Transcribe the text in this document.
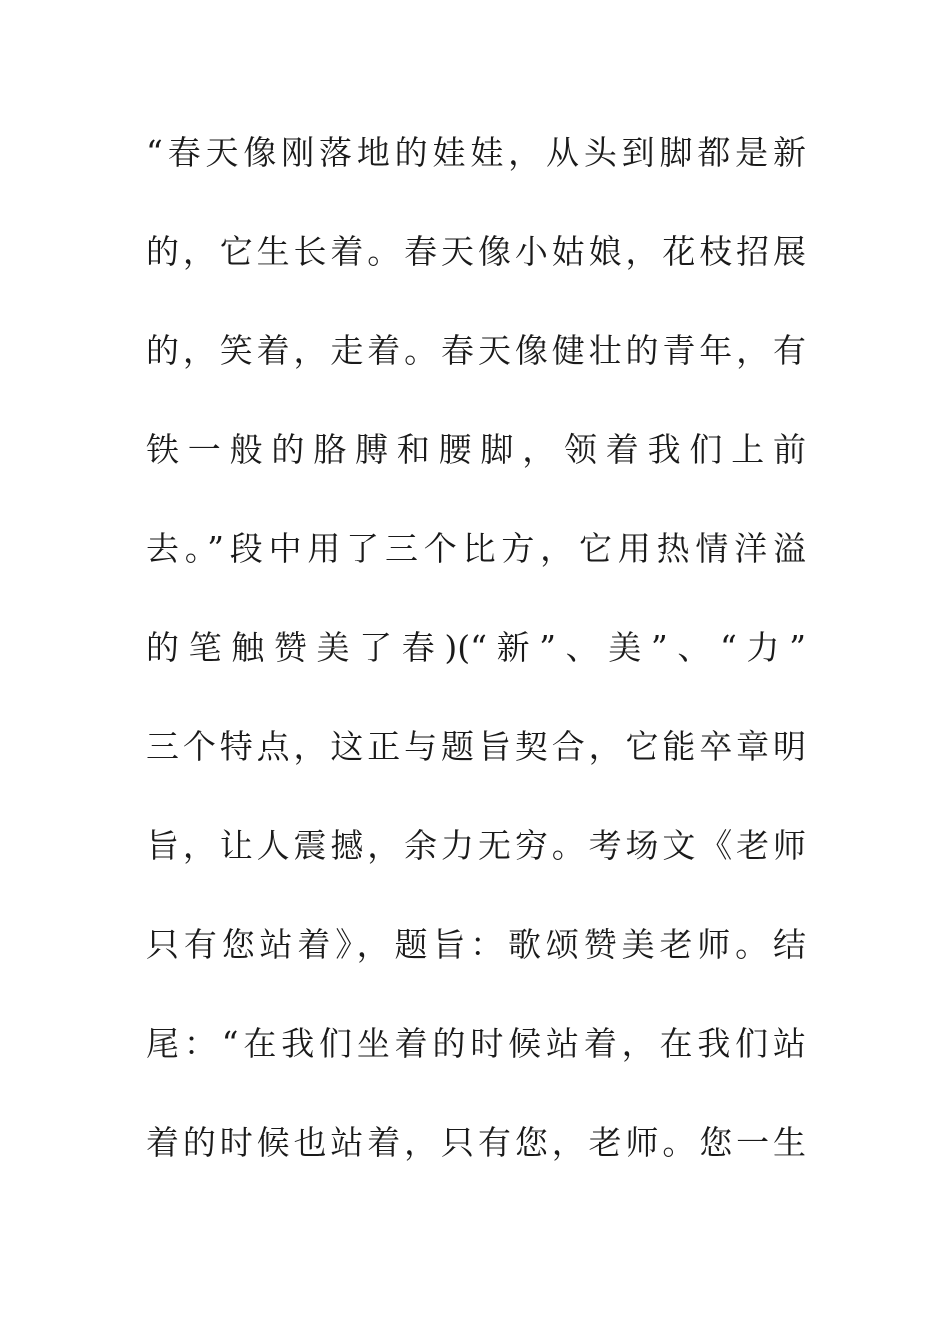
“春天像刚落地的娃娃，从头到脚都是新
的，它生长着。春天像小姑娘，花枝招展
的，笑着，走着。春天像健壮的青年，有
铁一般的胳膊和腰脚，领着我们上前
去。”段中用了三个比方，它用热情洋溢
的笔触赞美了春)(“新”、美”、“力”
三个特点，这正与题旨契合，它能卒章明
旨，让人震撼，余力无穷。考场文《老师
只有您站着》，题旨：歌颂赞美老师。结
尾：“在我们坐着的时候站着，在我们站
着的时候也站着，只有您，老师。您一生
